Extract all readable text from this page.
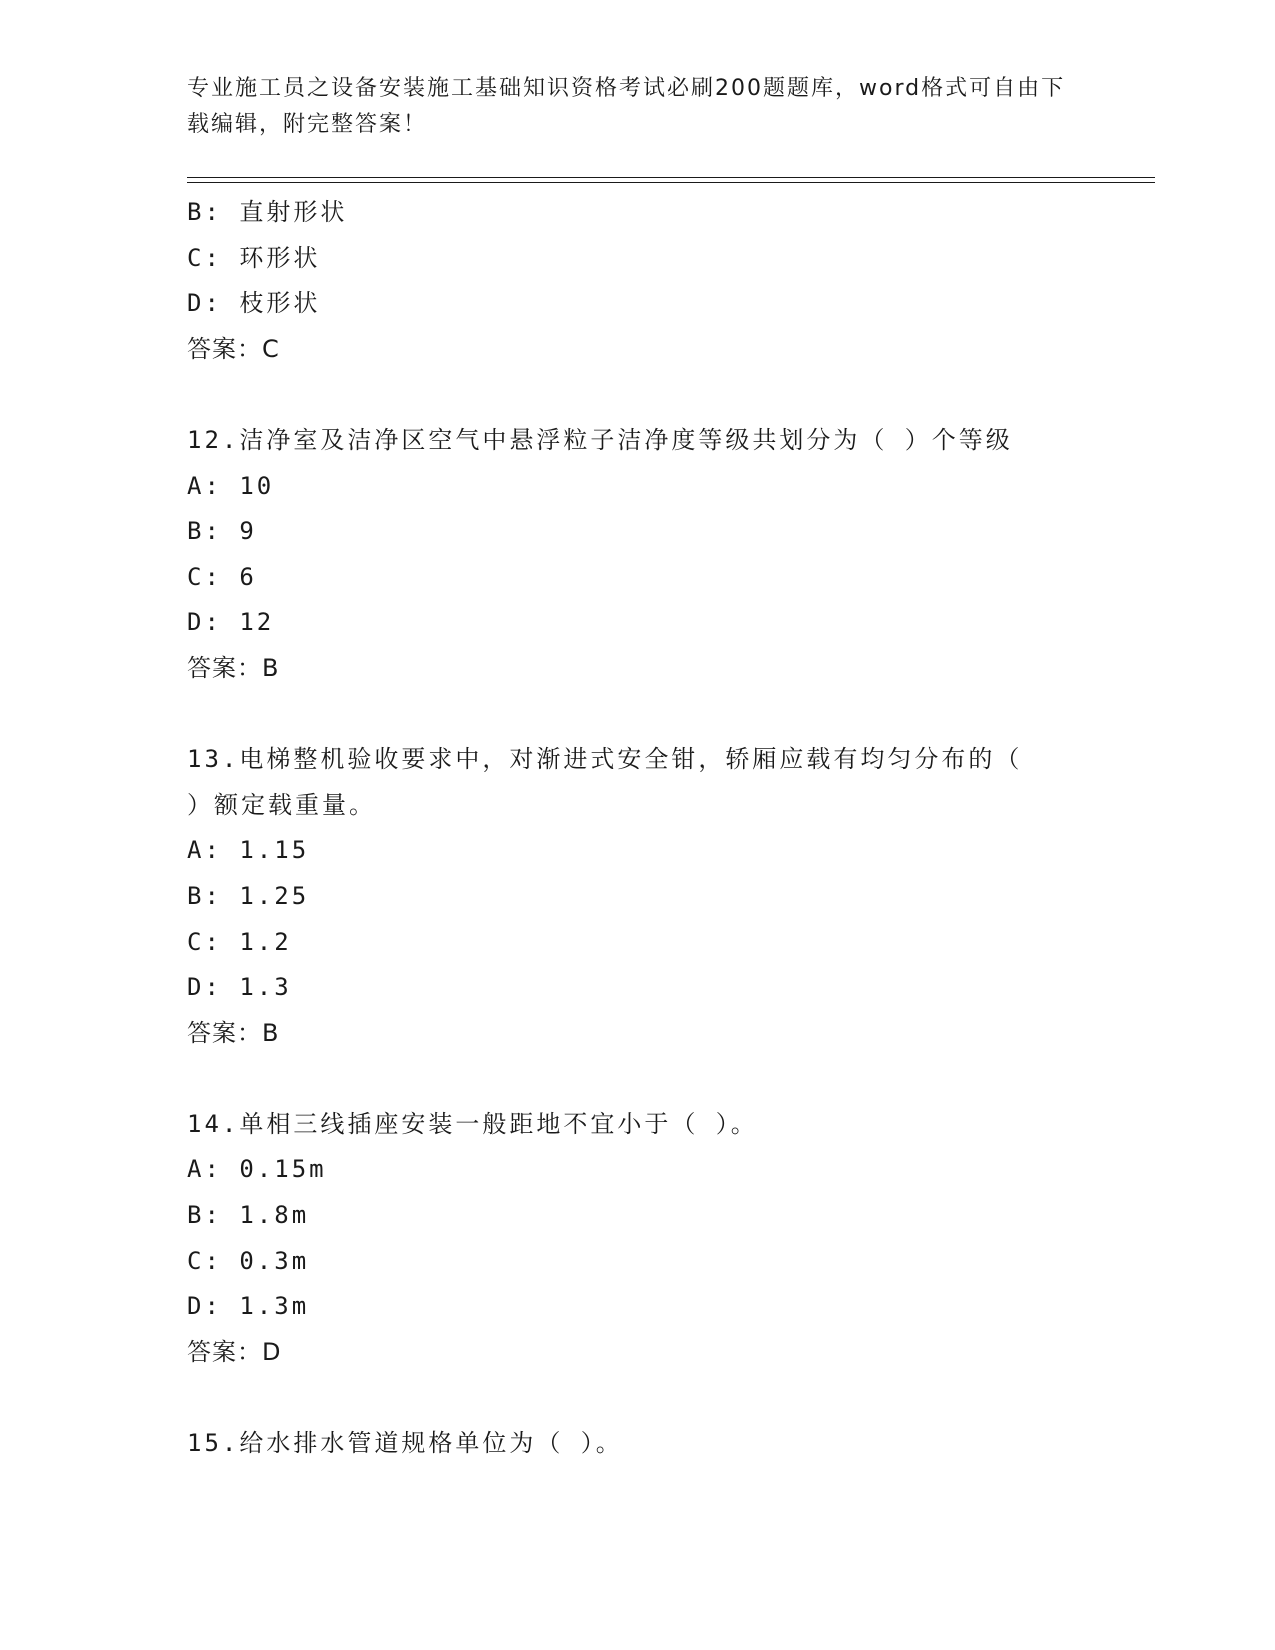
专业施工员之设备安装施工基础知识资格考试必刷200题题库，word格式可自由下载编辑，附完整答案！
B: 直射形状
C: 环形状
D: 枝形状
答案：C
12.洁净室及洁净区空气中悬浮粒子洁净度等级共划分为（ ）个等级
A: 10
B: 9
C: 6
D: 12
答案：B
13.电梯整机验收要求中，对渐进式安全钳，轿厢应载有均匀分布的（
）额定载重量。
A: 1.15
B: 1.25
C: 1.2
D: 1.3
答案：B
14.单相三线插座安装一般距地不宜小于（ ）。
A: 0.15m
B: 1.8m
C: 0.3m
D: 1.3m
答案：D
15.给水排水管道规格单位为（ ）。
